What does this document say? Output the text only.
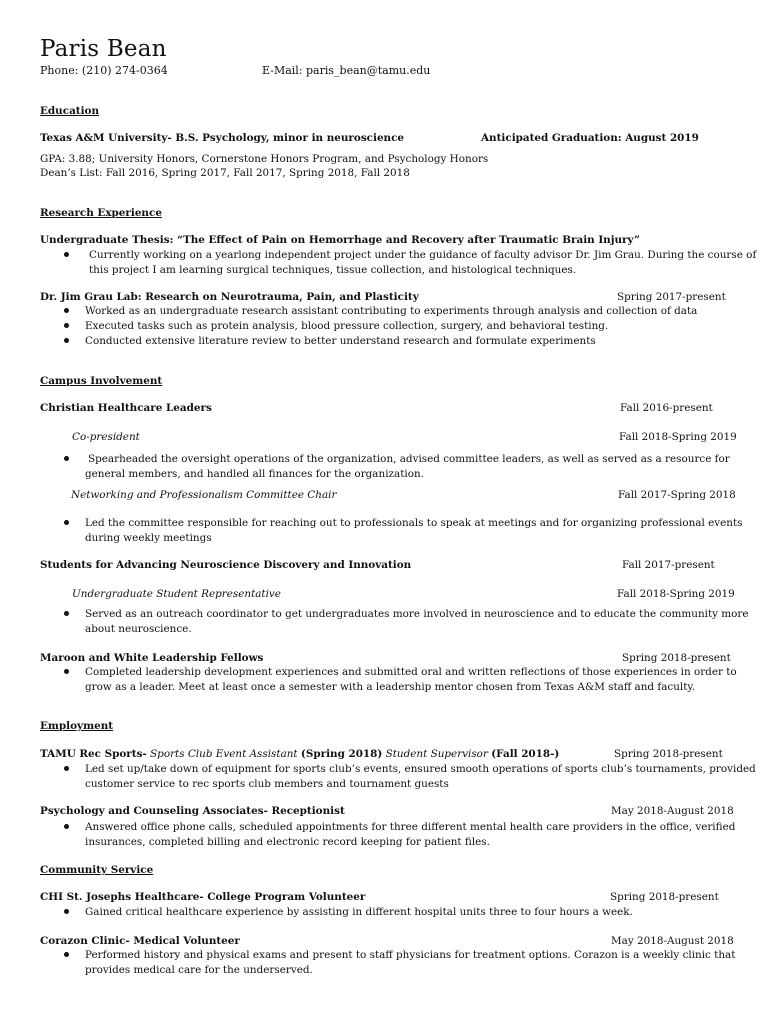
Paris Bean
Phone: (210) 274-0364	E-Mail: paris_bean@tamu.edu
Education
Texas A&M University- B.S. Psychology, minor in neuroscience	Anticipated Graduation: August 2019
GPA: 3.88; University Honors, Cornerstone Honors Program, and Psychology Honors
Dean’s List: Fall 2016, Spring 2017, Fall 2017, Spring 2018, Fall 2018
Research Experience
Undergraduate Thesis: “The Effect of Pain on Hemorrhage and Recovery after Traumatic Brain Injury”
Currently working on a yearlong independent project under the guidance of faculty advisor Dr. Jim Grau. During the course of
this project I am learning surgical techniques, tissue collection, and histological techniques.
Dr. Jim Grau Lab: Research on Neurotrauma, Pain, and Plasticity	Spring 2017-present
Worked as an undergraduate research assistant contributing to experiments through analysis and collection of data
Executed tasks such as protein analysis, blood pressure collection, surgery, and behavioral testing.
Conducted extensive literature review to better understand research and formulate experiments
Campus Involvement
Christian Healthcare Leaders	Fall 2016-present
Co-president	Fall 2018-Spring 2019
Spearheaded the oversight operations of the organization, advised committee leaders, as well as served as a resource for
general members, and handled all finances for the organization.
Networking and Professionalism Committee Chair	Fall 2017-Spring 2018
Led the committee responsible for reaching out to professionals to speak at meetings and for organizing professional events
during weekly meetings
Students for Advancing Neuroscience Discovery and Innovation	Fall 2017-present
Undergraduate Student Representative	Fall 2018-Spring 2019
Served as an outreach coordinator to get undergraduates more involved in neuroscience and to educate the community more
about neuroscience.
Maroon and White Leadership Fellows	Spring 2018-present
Completed leadership development experiences and submitted oral and written reflections of those experiences in order to
grow as a leader. Meet at least once a semester with a leadership mentor chosen from Texas A&M staff and faculty.
Employment
TAMU Rec Sports- Sports Club Event Assistant (Spring 2018) Student Supervisor (Fall 2018-)	Spring 2018-present
Led set up/take down of equipment for sports club’s events, ensured smooth operations of sports club’s tournaments, provided
customer service to rec sports club members and tournament guests
Psychology and Counseling Associates- Receptionist	May 2018-August 2018
Answered office phone calls, scheduled appointments for three different mental health care providers in the office, verified
insurances, completed billing and electronic record keeping for patient files.
Community Service
CHI St. Josephs Healthcare- College Program Volunteer	Spring 2018-present
Gained critical healthcare experience by assisting in different hospital units three to four hours a week.
Corazon Clinic- Medical Volunteer	May 2018-August 2018
Performed history and physical exams and present to staff physicians for treatment options. Corazon is a weekly clinic that
provides medical care for the underserved.
